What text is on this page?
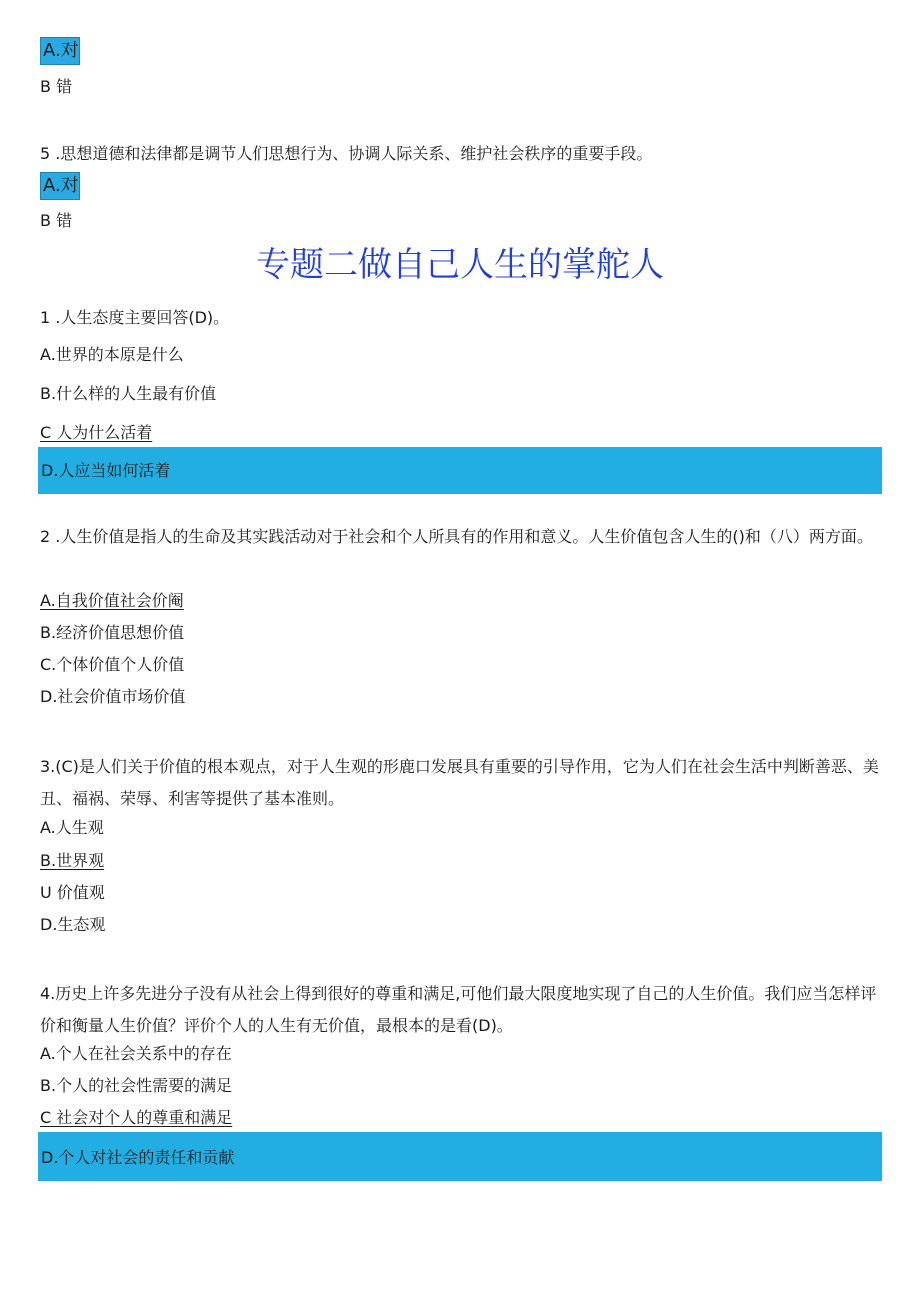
A.对
B 错
5 .思想道德和法律都是调节人们思想行为、协调人际关系、维护社会秩序的重要手段。
A.对
B 错
专题二做自己人生的掌舵人
1 .人生态度主要回答(D)。
A.世界的本原是什么
B.什么样的人生最有价值
C 人为什么活着
D.人应当如何活着
2 .人生价值是指人的生命及其实践活动对于社会和个人所具有的作用和意义。人生价值包含人生的()和（八）两方面。
A.自我价值社会价阉
B.经济价值思想价值
C.个体价值个人价值
D.社会价值市场价值
3.(C)是人们关于价值的根本观点，对于人生观的形鹿口发展具有重要的引导作用，它为人们在社会生活中判断善恶、美丑、福祸、荣辱、利害等提供了基本准则。
A.人生观
B.世界观
U 价值观
D.生态观
4.历史上许多先进分子没有从社会上得到很好的尊重和满足,可他们最大限度地实现了自己的人生价值。我们应当怎样评价和衡量人生价值？评价个人的人生有无价值，最根本的是看(D)。
A.个人在社会关系中的存在
B.个人的社会性需要的满足
C 社会对个人的尊重和满足
D.个人对社会的责任和贡献
